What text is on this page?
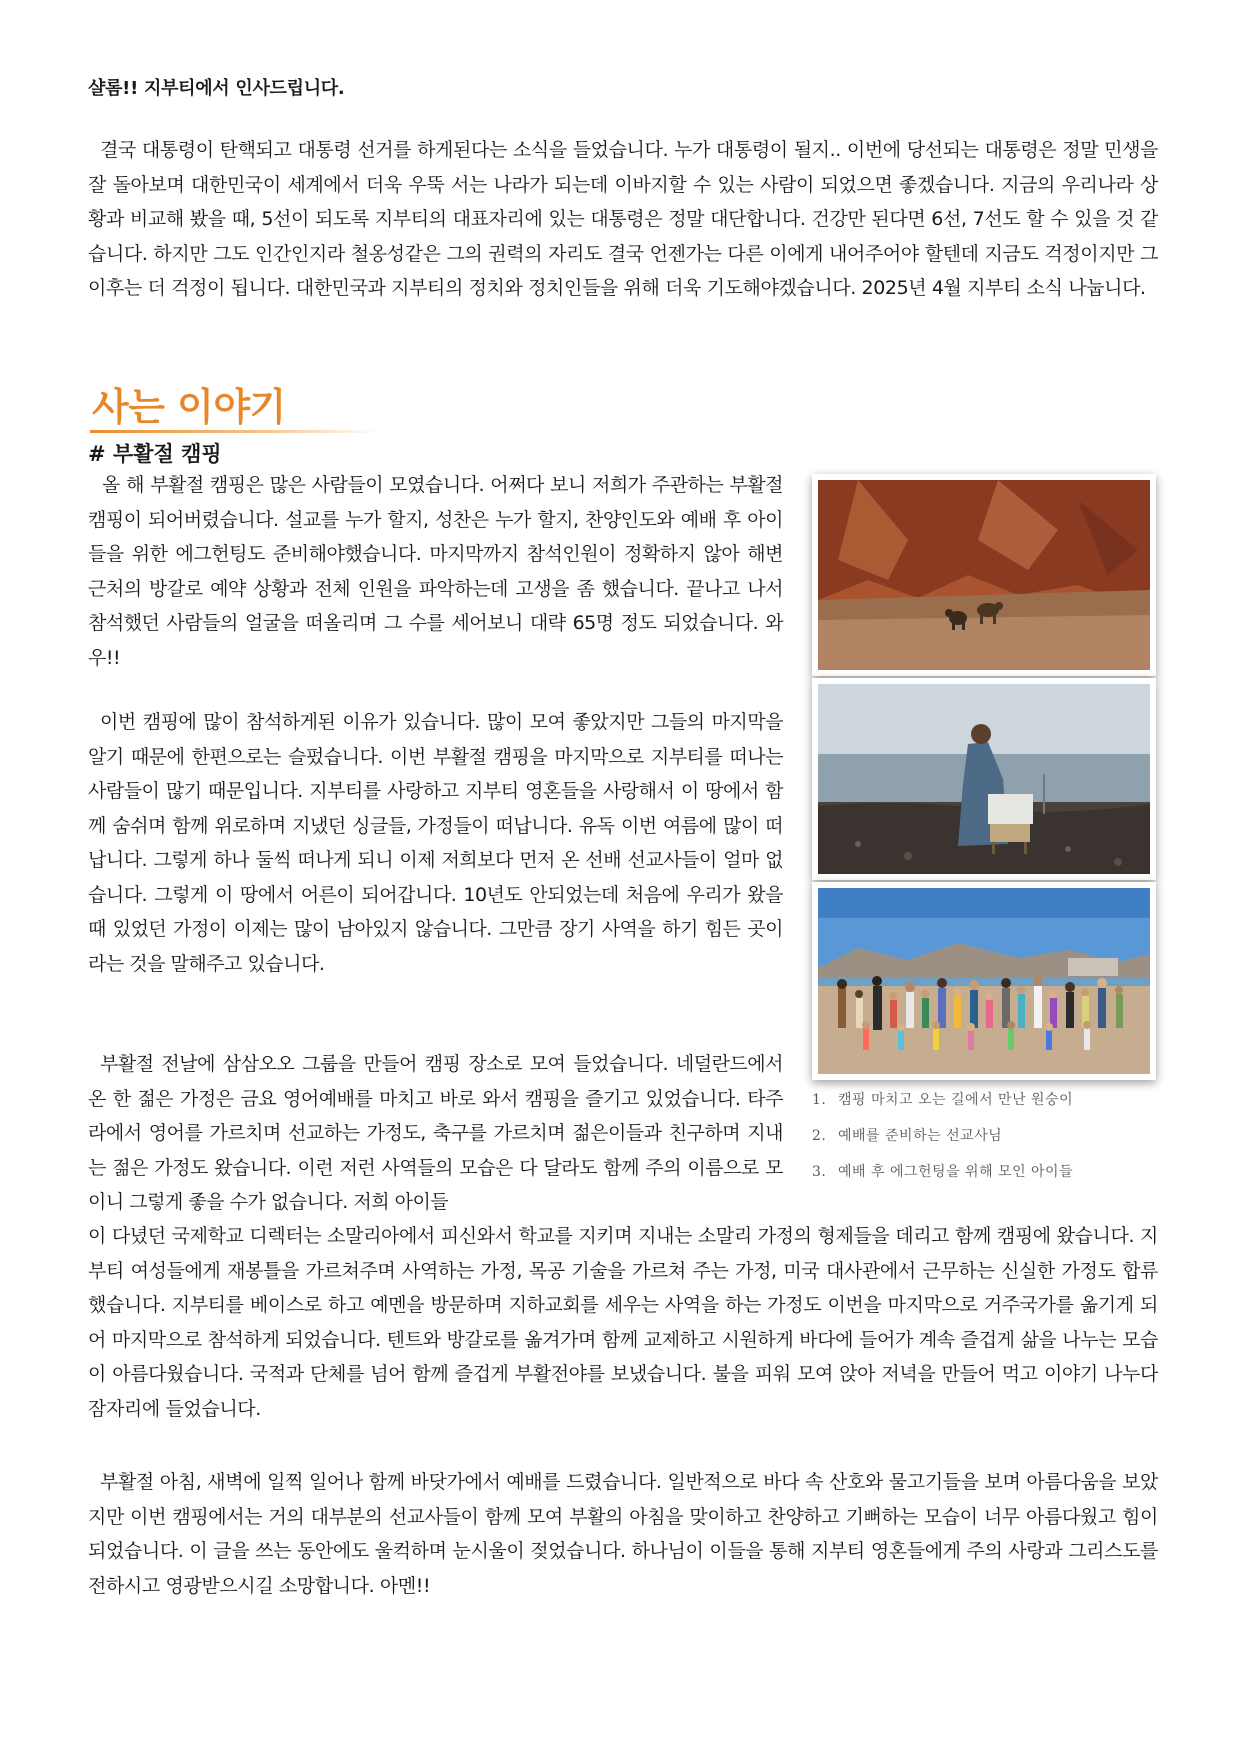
샬롬!! 지부티에서 인사드립니다.

결국 대통령이 탄핵되고 대통령 선거를 하게된다는 소식을 들었습니다. 누가 대통령이 될지.. 이번에 당선되는 대통령은 정말 민생을 잘 돌아보며 대한민국이 세계에서 더욱 우뚝 서는 나라가 되는데 이바지할 수 있는 사람이 되었으면 좋겠습니다. 지금의 우리나라 상황과 비교해 봤을 때, 5선이 되도록 지부티의 대표자리에 있는 대통령은 정말 대단합니다. 건강만 된다면 6선, 7선도 할 수 있을 것 같습니다. 하지만 그도 인간인지라 철옹성같은 그의 권력의 자리도 결국 언젠가는 다른 이에게 내어주어야 할텐데 지금도 걱정이지만 그 이후는 더 걱정이 됩니다. 대한민국과 지부티의 정치와 정치인들을 위해 더욱 기도해야겠습니다. 2025년 4월 지부티 소식 나눕니다.

사는 이야기
# 부활절 캠핑

올 해 부활절 캠핑은 많은 사람들이 모였습니다. 어쩌다 보니 저희가 주관하는 부활절 캠핑이 되어버렸습니다. 설교를 누가 할지, 성찬은 누가 할지, 찬양인도와 예배 후 아이들을 위한 에그헌팅도 준비해야했습니다. 마지막까지 참석인원이 정확하지 않아 해변 근처의 방갈로 예약 상황과 전체 인원을 파악하는데 고생을 좀 했습니다. 끝나고 나서 참석했던 사람들의 얼굴을 떠올리며 그 수를 세어보니 대략 65명 정도 되었습니다. 와우!!

이번 캠핑에 많이 참석하게된 이유가 있습니다. 많이 모여 좋았지만 그들의 마지막을 알기 때문에 한편으로는 슬펐습니다. 이번 부활절 캠핑을 마지막으로 지부티를 떠나는 사람들이 많기 때문입니다. 지부티를 사랑하고 지부티 영혼들을 사랑해서 이 땅에서 함께 숨쉬며 함께 위로하며 지냈던 싱글들, 가정들이 떠납니다. 유독 이번 여름에 많이 떠납니다. 그렇게 하나 둘씩 떠나게 되니 이제 저희보다 먼저 온 선배 선교사들이 얼마 없습니다. 그렇게 이 땅에서 어른이 되어갑니다. 10년도 안되었는데 처음에 우리가 왔을 때 있었던 가정이 이제는 많이 남아있지 않습니다. 그만큼 장기 사역을 하기 힘든 곳이라는 것을 말해주고 있습니다.

부활절 전날에 삼삼오오 그룹을 만들어 캠핑 장소로 모여 들었습니다. 네덜란드에서 온 한 젊은 가정은 금요 영어예배를 마치고 바로 와서 캠핑을 즐기고 있었습니다. 타주라에서 영어를 가르치며 선교하는 가정도, 축구를 가르치며 젊은이들과 친구하며 지내는 젊은 가정도 왔습니다. 이런 저런 사역들의 모습은 다 달라도 함께 주의 이름으로 모이니 그렇게 좋을 수가 없습니다. 저희 아이들

이 다녔던 국제학교 디렉터는 소말리아에서 피신와서 학교를 지키며 지내는 소말리 가정의 형제들을 데리고 함께 캠핑에 왔습니다. 지부티 여성들에게 재봉틀을 가르쳐주며 사역하는 가정, 목공 기술을 가르쳐 주는 가정, 미국 대사관에서 근무하는 신실한 가정도 합류했습니다. 지부티를 베이스로 하고 예멘을 방문하며 지하교회를 세우는 사역을 하는 가정도 이번을 마지막으로 거주국가를 옮기게 되어 마지막으로 참석하게 되었습니다. 텐트와 방갈로를 옮겨가며 함께 교제하고 시원하게 바다에 들어가 계속 즐겁게 삶을 나누는 모습이 아름다웠습니다. 국적과 단체를 넘어 함께 즐겁게 부활전야를 보냈습니다. 불을 피워 모여 앉아 저녁을 만들어 먹고 이야기 나누다 잠자리에 들었습니다.

부활절 아침, 새벽에 일찍 일어나 함께 바닷가에서 예배를 드렸습니다. 일반적으로 바다 속 산호와 물고기들을 보며 아름다움을 보았지만 이번 캠핑에서는 거의 대부분의 선교사들이 함께 모여 부활의 아침을 맞이하고 찬양하고 기뻐하는 모습이 너무 아름다웠고 힘이 되었습니다. 이 글을 쓰는 동안에도 울컥하며 눈시울이 젖었습니다. 하나님이 이들을 통해 지부티 영혼들에게 주의 사랑과 그리스도를 전하시고 영광받으시길 소망합니다. 아멘!!

1. 캠핑 마치고 오는 길에서 만난 원숭이
2. 예배를 준비하는 선교사님
3. 예배 후 에그헌팅을 위해 모인 아이들
